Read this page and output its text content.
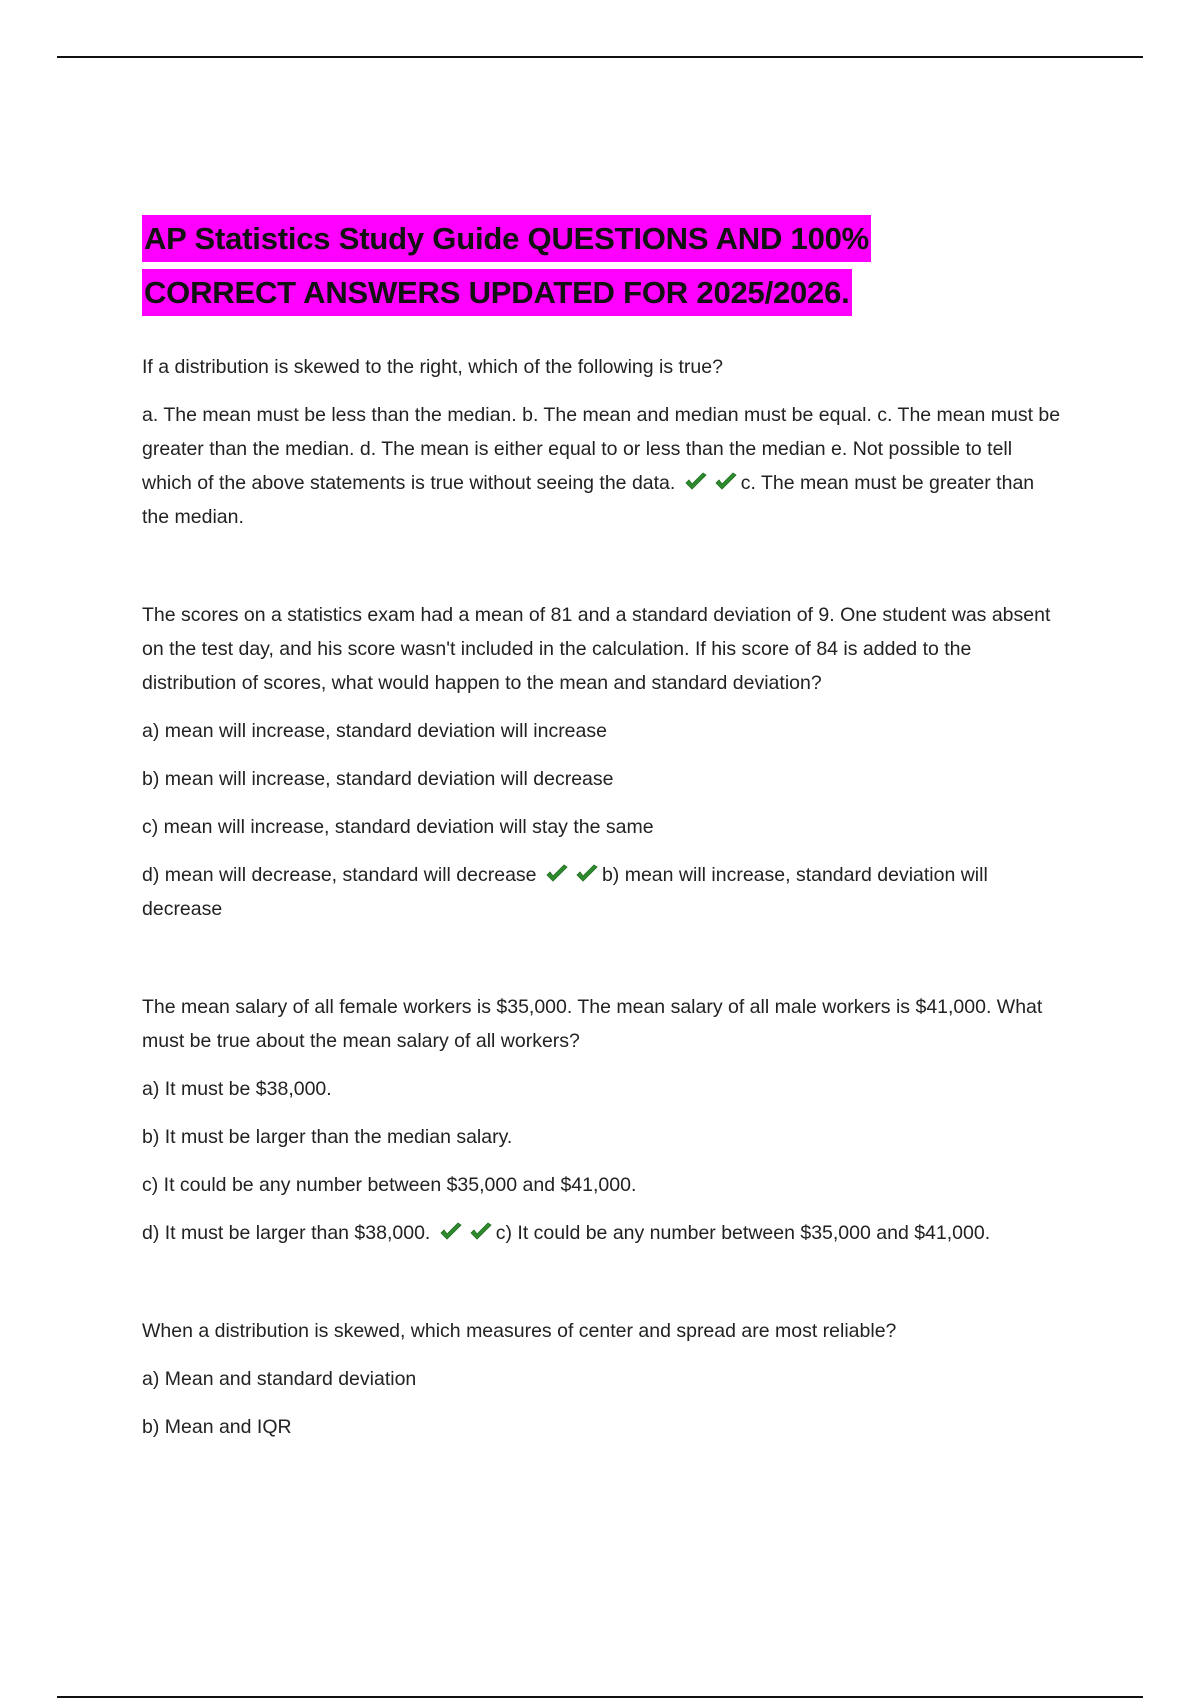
AP Statistics Study Guide QUESTIONS AND 100%
CORRECT ANSWERS UPDATED FOR 2025/2026.

If a distribution is skewed to the right, which of the following is true?

a. The mean must be less than the median. b. The mean and median must be equal. c. The mean must be greater than the median. d. The mean is either equal to or less than the median e. Not possible to tell which of the above statements is true without seeing the data.	c. The mean must be greater than the median.

The scores on a statistics exam had a mean of 81 and a standard deviation of 9. One student was absent on the test day, and his score wasn't included in the calculation. If his score of 84 is added to the distribution of scores, what would happen to the mean and standard deviation?

a) mean will increase, standard deviation will increase

b) mean will increase, standard deviation will decrease

c) mean will increase, standard deviation will stay the same

d) mean will decrease, standard will decrease	b) mean will increase, standard deviation will decrease

The mean salary of all female workers is $35,000. The mean salary of all male workers is $41,000. What must be true about the mean salary of all workers?

a) It must be $38,000.

b) It must be larger than the median salary.

c) It could be any number between $35,000 and $41,000.

d) It must be larger than $38,000.	c) It could be any number between $35,000 and $41,000.

When a distribution is skewed, which measures of center and spread are most reliable?

a) Mean and standard deviation

b) Mean and IQR
